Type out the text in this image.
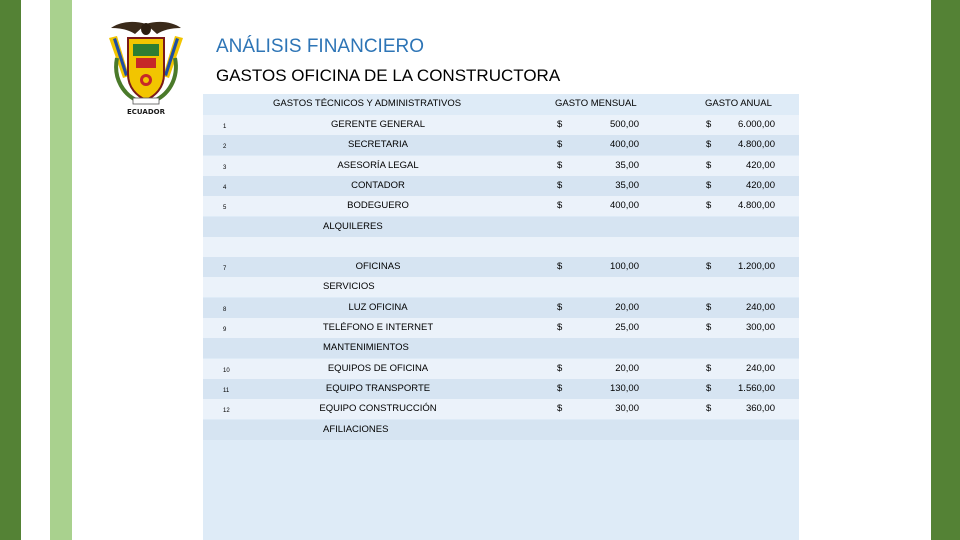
ECUADOR
ANÁLISIS FINANCIERO
GASTOS OFICINA DE LA CONSTRUCTORA
GASTOS TÉCNICOS Y ADMINISTRATIVOS	GASTO MENSUAL	GASTO ANUAL
1	GERENTE GENERAL	$	500,00	$	6.000,00
2	SECRETARIA	$	400,00	$	4.800,00
3	ASESORÍA LEGAL	$	35,00	$	420,00
4	CONTADOR	$	35,00	$	420,00
5	BODEGUERO	$	400,00	$	4.800,00
ALQUILERES
7	OFICINAS	$	100,00	$	1.200,00
SERVICIOS
8	LUZ OFICINA	$	20,00	$	240,00
9	TELÉFONO E INTERNET	$	25,00	$	300,00
MANTENIMIENTOS
10	EQUIPOS DE OFICINA	$	20,00	$	240,00
11	EQUIPO TRANSPORTE	$	130,00	$	1.560,00
12	EQUIPO CONSTRUCCIÓN	$	30,00	$	360,00
AFILIACIONES
